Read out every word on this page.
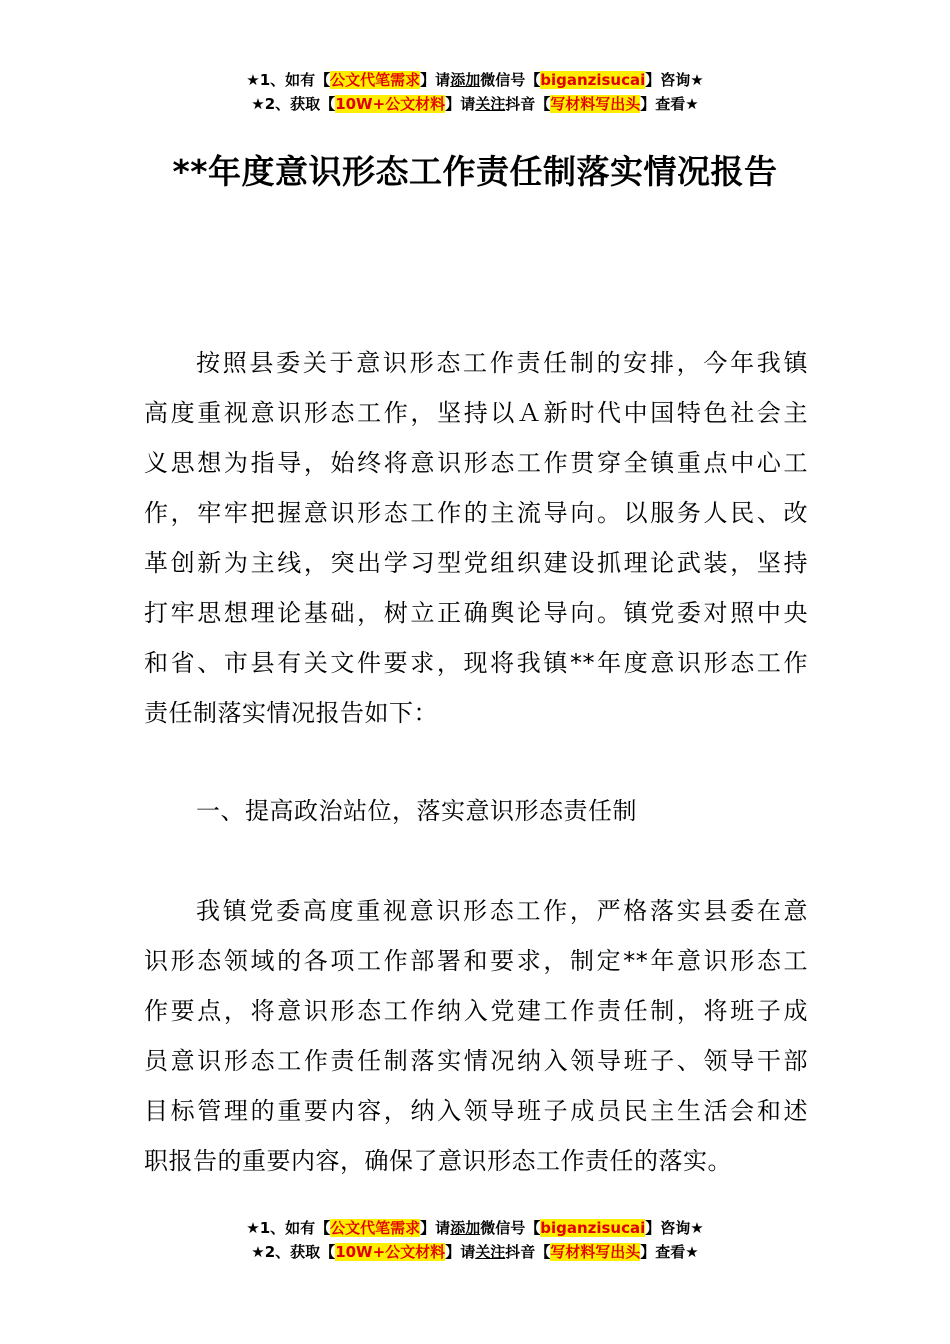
★1、如有【公文代笔需求】请添加微信号【biganzisucai】咨询★
★2、获取【10W+公文材料】请关注抖音【写材料写出头】查看★
**年度意识形态工作责任制落实情况报告
按照县委关于意识形态工作责任制的安排，今年我镇
高度重视意识形态工作，坚持以Ａ新时代中国特色社会主
义思想为指导，始终将意识形态工作贯穿全镇重点中心工
作，牢牢把握意识形态工作的主流导向。以服务人民、改
革创新为主线，突出学习型党组织建设抓理论武装，坚持
打牢思想理论基础，树立正确舆论导向。镇党委对照中央
和省、市县有关文件要求，现将我镇**年度意识形态工作
责任制落实情况报告如下：
一、提高政治站位，落实意识形态责任制
我镇党委高度重视意识形态工作，严格落实县委在意
识形态领域的各项工作部署和要求，制定**年意识形态工
作要点，将意识形态工作纳入党建工作责任制，将班子成
员意识形态工作责任制落实情况纳入领导班子、领导干部
目标管理的重要内容，纳入领导班子成员民主生活会和述
职报告的重要内容，确保了意识形态工作责任的落实。
★1、如有【公文代笔需求】请添加微信号【biganzisucai】咨询★
★2、获取【10W+公文材料】请关注抖音【写材料写出头】查看★
